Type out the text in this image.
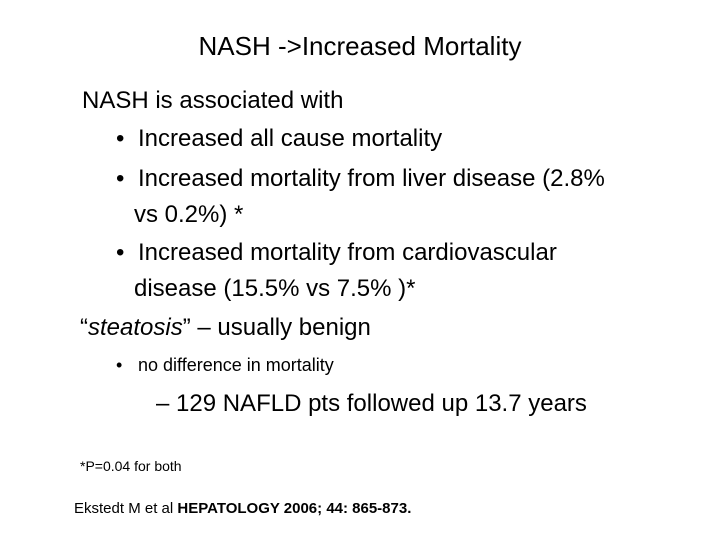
NASH ->Increased Mortality
NASH is associated with
• Increased all cause mortality
• Increased mortality from liver disease (2.8%
vs 0.2%) *
• Increased mortality from cardiovascular
disease (15.5% vs 7.5% )*
“steatosis” – usually benign
• no difference in mortality
– 129 NAFLD pts followed up 13.7 years
*P=0.04 for both
Ekstedt M et al HEPATOLOGY 2006; 44: 865-873.
